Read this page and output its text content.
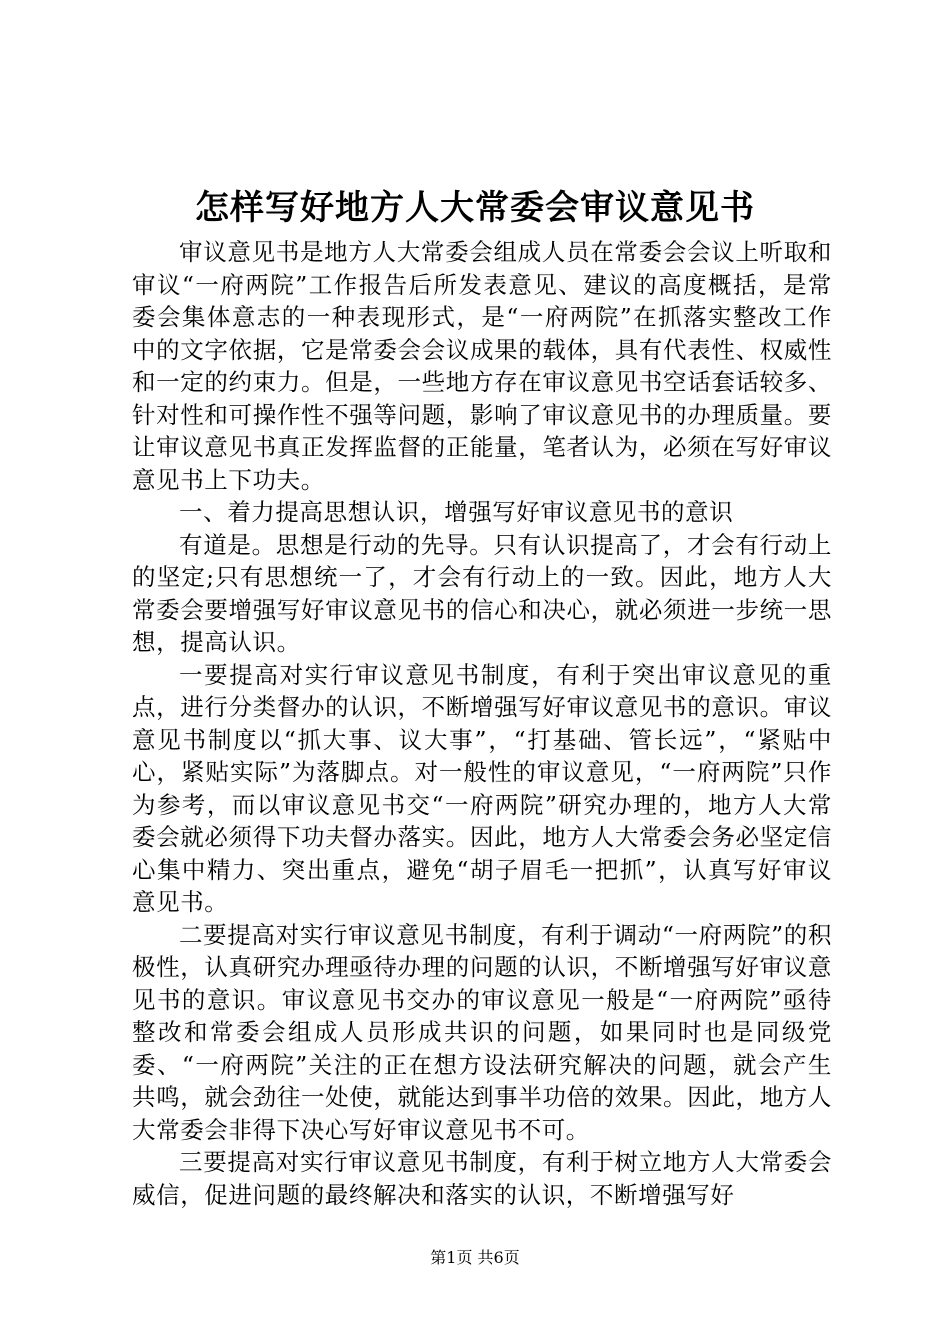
怎样写好地方人大常委会审议意见书

审议意见书是地方人大常委会组成人员在常委会会议上听取和审议“一府两院”工作报告后所发表意见、建议的高度概括，是常委会集体意志的一种表现形式，是“一府两院”在抓落实整改工作中的文字依据，它是常委会会议成果的载体，具有代表性、权威性和一定的约束力。但是，一些地方存在审议意见书空话套话较多、针对性和可操作性不强等问题，影响了审议意见书的办理质量。要让审议意见书真正发挥监督的正能量，笔者认为，必须在写好审议意见书上下功夫。

一、着力提高思想认识，增强写好审议意见书的意识

有道是。思想是行动的先导。只有认识提高了，才会有行动上的坚定;只有思想统一了，才会有行动上的一致。因此，地方人大常委会要增强写好审议意见书的信心和决心，就必须进一步统一思想，提高认识。

一要提高对实行审议意见书制度，有利于突出审议意见的重点，进行分类督办的认识，不断增强写好审议意见书的意识。审议意见书制度以“抓大事、议大事”，“打基础、管长远”，“紧贴中心，紧贴实际”为落脚点。对一般性的审议意见，“一府两院”只作为参考，而以审议意见书交“一府两院”研究办理的，地方人大常委会就必须得下功夫督办落实。因此，地方人大常委会务必坚定信心集中精力、突出重点，避免“胡子眉毛一把抓”，认真写好审议意见书。

二要提高对实行审议意见书制度，有利于调动“一府两院”的积极性，认真研究办理亟待办理的问题的认识，不断增强写好审议意见书的意识。审议意见书交办的审议意见一般是“一府两院”亟待整改和常委会组成人员形成共识的问题，如果同时也是同级党委、“一府两院”关注的正在想方设法研究解决的问题，就会产生共鸣，就会劲往一处使，就能达到事半功倍的效果。因此，地方人大常委会非得下决心写好审议意见书不可。

三要提高对实行审议意见书制度，有利于树立地方人大常委会威信，促进问题的最终解决和落实的认识，不断增强写好

第1页 共6页
